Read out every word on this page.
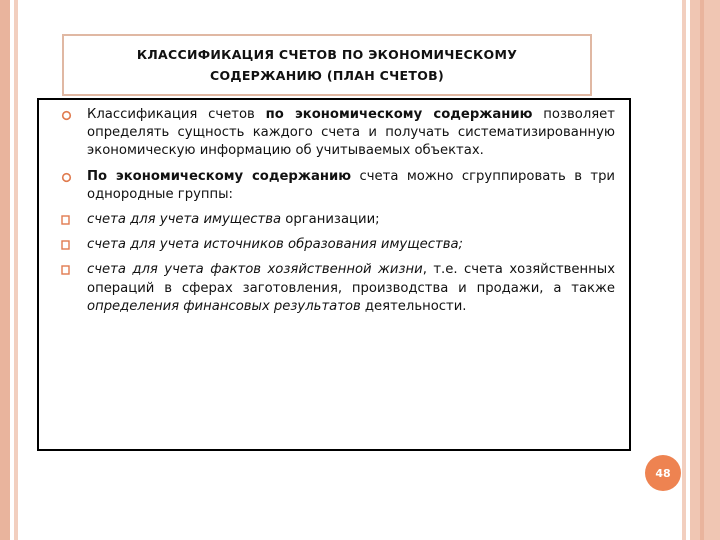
КЛАССИФИКАЦИЯ СЧЕТОВ ПО ЭКОНОМИЧЕСКОМУ
СОДЕРЖАНИЮ (ПЛАН СЧЕТОВ)
Классификация счетов по экономическому содержанию позволяет определять сущность каждого счета и получать систематизированную экономическую информацию об учитываемых объектах.
По экономическому содержанию счета можно сгруппировать в три однородные группы:
счета для учета имущества организации;
счета для учета источников образования имущества;
счета для учета фактов хозяйственной жизни, т.е. счета хозяйственных операций в сферах заготовления, производства и продажи, а также определения финансовых результатов деятельности.
48
